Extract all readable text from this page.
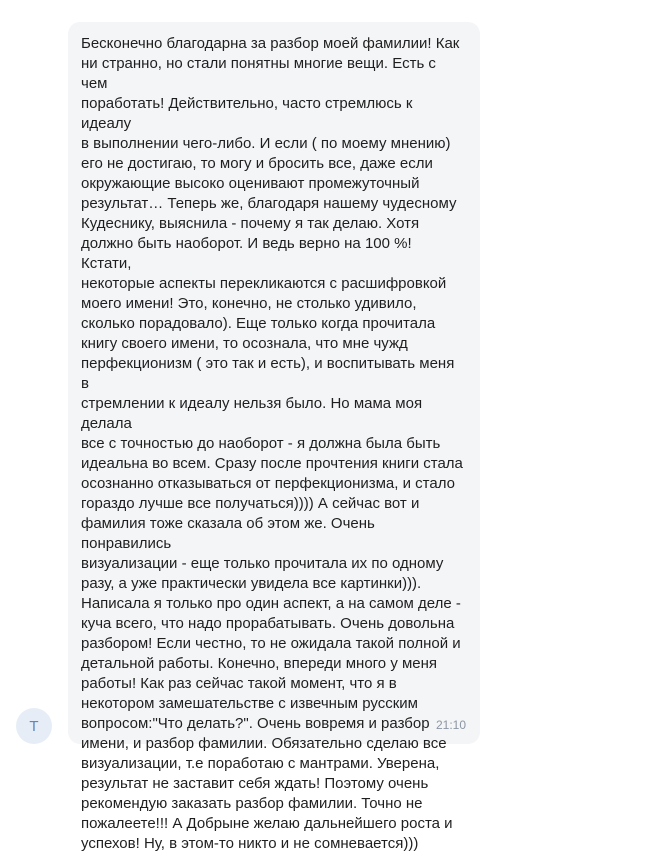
T

Бесконечно благодарна за разбор моей фамилии! Как
ни странно, но стали понятны многие вещи. Есть с чем
поработать! Действительно, часто стремлюсь к идеалу
в выполнении чего-либо. И если ( по моему мнению)
его не достигаю, то могу и бросить все, даже если
окружающие высоко оценивают промежуточный
результат… Теперь же, благодаря нашему чудесному
Кудеснику, выяснила - почему я так делаю. Хотя
должно быть наоборот. И ведь верно на 100 %! Кстати,
некоторые аспекты перекликаются с расшифровкой
моего имени! Это, конечно, не столько удивило,
сколько порадовало). Еще только когда прочитала
книгу своего имени, то осознала, что мне чужд
перфекционизм ( это так и есть), и воспитывать меня в
стремлении к идеалу нельзя было. Но мама моя делала
все с точностью до наоборот - я должна была быть
идеальна во всем. Сразу после прочтения книги стала
осознанно отказываться от перфекционизма, и стало
гораздо лучше все получаться)))) А сейчас вот и
фамилия тоже сказала об этом же. Очень понравились
визуализации - еще только прочитала их по одному
разу, а уже практически увидела все картинки))).
Написала я только про один аспект, а на самом деле -
куча всего, что надо прорабатывать. Очень довольна
разбором! Если честно, то не ожидала такой полной и
детальной работы. Конечно, впереди много у меня
работы! Как раз сейчас такой момент, что я в
некотором замешательстве с извечным русским
вопросом:"Что делать?". Очень вовремя и разбор
имени, и разбор фамилии. Обязательно сделаю все
визуализации, т.е поработаю с мантрами. Уверена,
результат не заставит себя ждать! Поэтому очень
рекомендую заказать разбор фамилии. Точно не
пожалеете!!! А Добрыне желаю дальнейшего роста и
успехов! Ну, в этом-то никто и не сомневается)))

21:10
